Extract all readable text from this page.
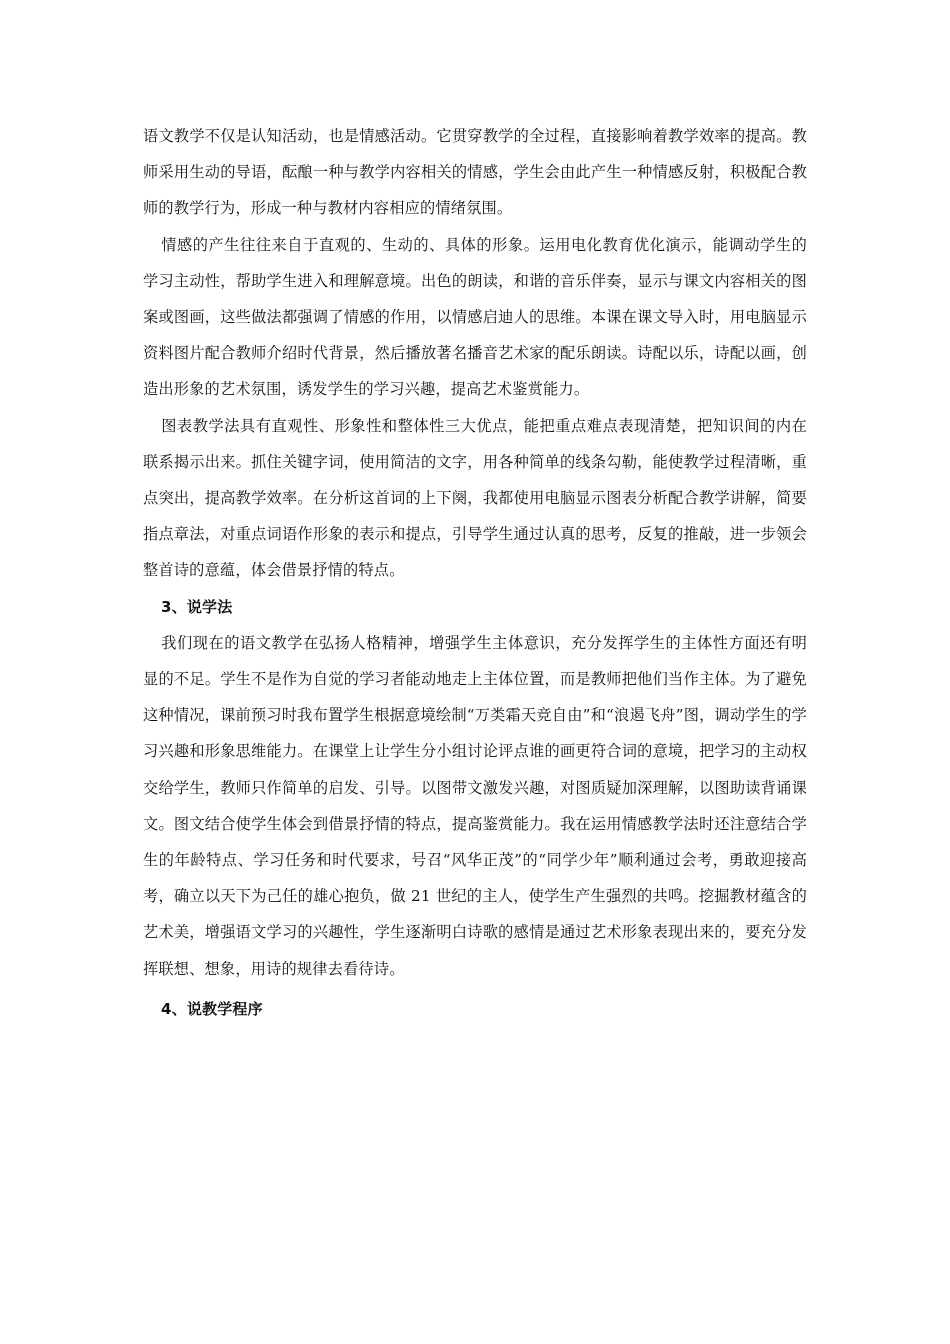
语文教学不仅是认知活动，也是情感活动。它贯穿教学的全过程，直接影响着教学效率的提高。教师采用生动的导语，酝酿一种与教学内容相关的情感，学生会由此产生一种情感反射，积极配合教师的教学行为，形成一种与教材内容相应的情绪氛围。

情感的产生往往来自于直观的、生动的、具体的形象。运用电化教育优化演示，能调动学生的学习主动性，帮助学生进入和理解意境。出色的朗读，和谐的音乐伴奏，显示与课文内容相关的图案或图画，这些做法都强调了情感的作用，以情感启迪人的思维。本课在课文导入时，用电脑显示资料图片配合教师介绍时代背景，然后播放著名播音艺术家的配乐朗读。诗配以乐，诗配以画，创造出形象的艺术氛围，诱发学生的学习兴趣，提高艺术鉴赏能力。

图表教学法具有直观性、形象性和整体性三大优点，能把重点难点表现清楚，把知识间的内在联系揭示出来。抓住关键字词，使用简洁的文字，用各种简单的线条勾勒，能使教学过程清晰，重点突出，提高教学效率。在分析这首词的上下阕，我都使用电脑显示图表分析配合教学讲解，简要指点章法，对重点词语作形象的表示和提点，引导学生通过认真的思考，反复的推敲，进一步领会整首诗的意蕴，体会借景抒情的特点。

3、说学法

我们现在的语文教学在弘扬人格精神，增强学生主体意识，充分发挥学生的主体性方面还有明显的不足。学生不是作为自觉的学习者能动地走上主体位置，而是教师把他们当作主体。为了避免这种情况，课前预习时我布置学生根据意境绘制“万类霜天竞自由”和“浪遏飞舟”图，调动学生的学习兴趣和形象思维能力。在课堂上让学生分小组讨论评点谁的画更符合词的意境，把学习的主动权交给学生，教师只作简单的启发、引导。以图带文激发兴趣，对图质疑加深理解，以图助读背诵课文。图文结合使学生体会到借景抒情的特点，提高鉴赏能力。我在运用情感教学法时还注意结合学生的年龄特点、学习任务和时代要求，号召“风华正茂”的“同学少年”顺利通过会考，勇敢迎接高考，确立以天下为己任的雄心抱负，做 21 世纪的主人，使学生产生强烈的共鸣。挖掘教材蕴含的艺术美，增强语文学习的兴趣性，学生逐渐明白诗歌的感情是通过艺术形象表现出来的，要充分发挥联想、想象，用诗的规律去看待诗。

4、说教学程序
